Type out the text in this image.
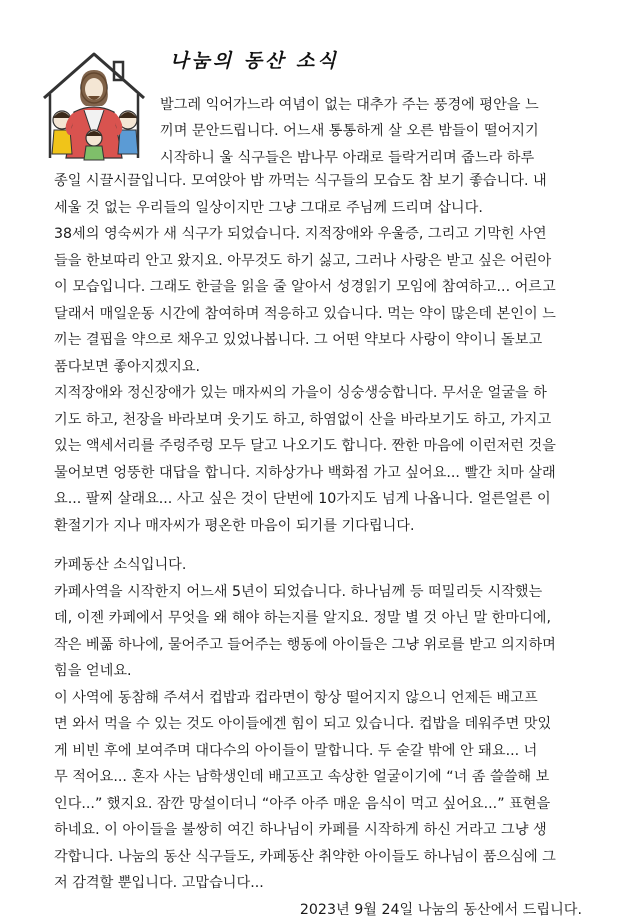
나눔의 동산 소식
발그레 익어가느라 여념이 없는 대추가 주는 풍경에 평안을 느
끼며 문안드립니다. 어느새 통통하게 살 오른 밤들이 떨어지기
시작하니 울 식구들은 밤나무 아래로 들락거리며 줍느라 하루
종일 시끌시끌입니다. 모여앉아 밤 까먹는 식구들의 모습도 참 보기 좋습니다. 내
세울 것 없는 우리들의 일상이지만 그냥 그대로 주님께 드리며 삽니다.
38세의 영숙씨가 새 식구가 되었습니다. 지적장애와 우울증, 그리고 기막힌 사연
들을 한보따리 안고 왔지요. 아무것도 하기 싫고, 그러나 사랑은 받고 싶은 어린아
이 모습입니다. 그래도 한글을 읽을 줄 알아서 성경읽기 모임에 참여하고... 어르고
달래서 매일운동 시간에 참여하며 적응하고 있습니다. 먹는 약이 많은데 본인이 느
끼는 결핍을 약으로 채우고 있었나봅니다. 그 어떤 약보다 사랑이 약이니 돌보고
품다보면 좋아지겠지요.
지적장애와 정신장애가 있는 매자씨의 가을이 싱숭생숭합니다. 무서운 얼굴을 하
기도 하고, 천장을 바라보며 웃기도 하고, 하염없이 산을 바라보기도 하고, 가지고
있는 액세서리를 주렁주렁 모두 달고 나오기도 합니다. 짠한 마음에 이런저런 것을
물어보면 엉뚱한 대답을 합니다. 지하상가나 백화점 가고 싶어요... 빨간 치마 살래
요... 팔찌 살래요... 사고 싶은 것이 단번에 10가지도 넘게 나옵니다. 얼른얼른 이
환절기가 지나 매자씨가 평온한 마음이 되기를 기다립니다.
카페동산 소식입니다.
카페사역을 시작한지 어느새 5년이 되었습니다. 하나님께 등 떠밀리듯 시작했는
데, 이젠 카페에서 무엇을 왜 해야 하는지를 알지요. 정말 별 것 아닌 말 한마디에,
작은 베풂 하나에, 물어주고 들어주는 행동에 아이들은 그냥 위로를 받고 의지하며
힘을 얻네요.
이 사역에 동참해 주셔서 컵밥과 컵라면이 항상 떨어지지 않으니 언제든 배고프
면 와서 먹을 수 있는 것도 아이들에겐 힘이 되고 있습니다. 컵밥을 데워주면 맛있
게 비빈 후에 보여주며 대다수의 아이들이 말합니다. 두 숟갈 밖에 안 돼요... 너
무 적어요... 혼자 사는 남학생인데 배고프고 속상한 얼굴이기에 “너 좀 쓸쓸해 보
인다...” 했지요. 잠깐 망설이더니 “아주 아주 매운 음식이 먹고 싶어요...” 표현을
하네요. 이 아이들을 불쌍히 여긴 하나님이 카페를 시작하게 하신 거라고 그냥 생
각합니다. 나눔의 동산 식구들도, 카페동산 취약한 아이들도 하나님이 품으심에 그
저 감격할 뿐입니다. 고맙습니다...
2023년 9월 24일 나눔의 동산에서 드립니다.
